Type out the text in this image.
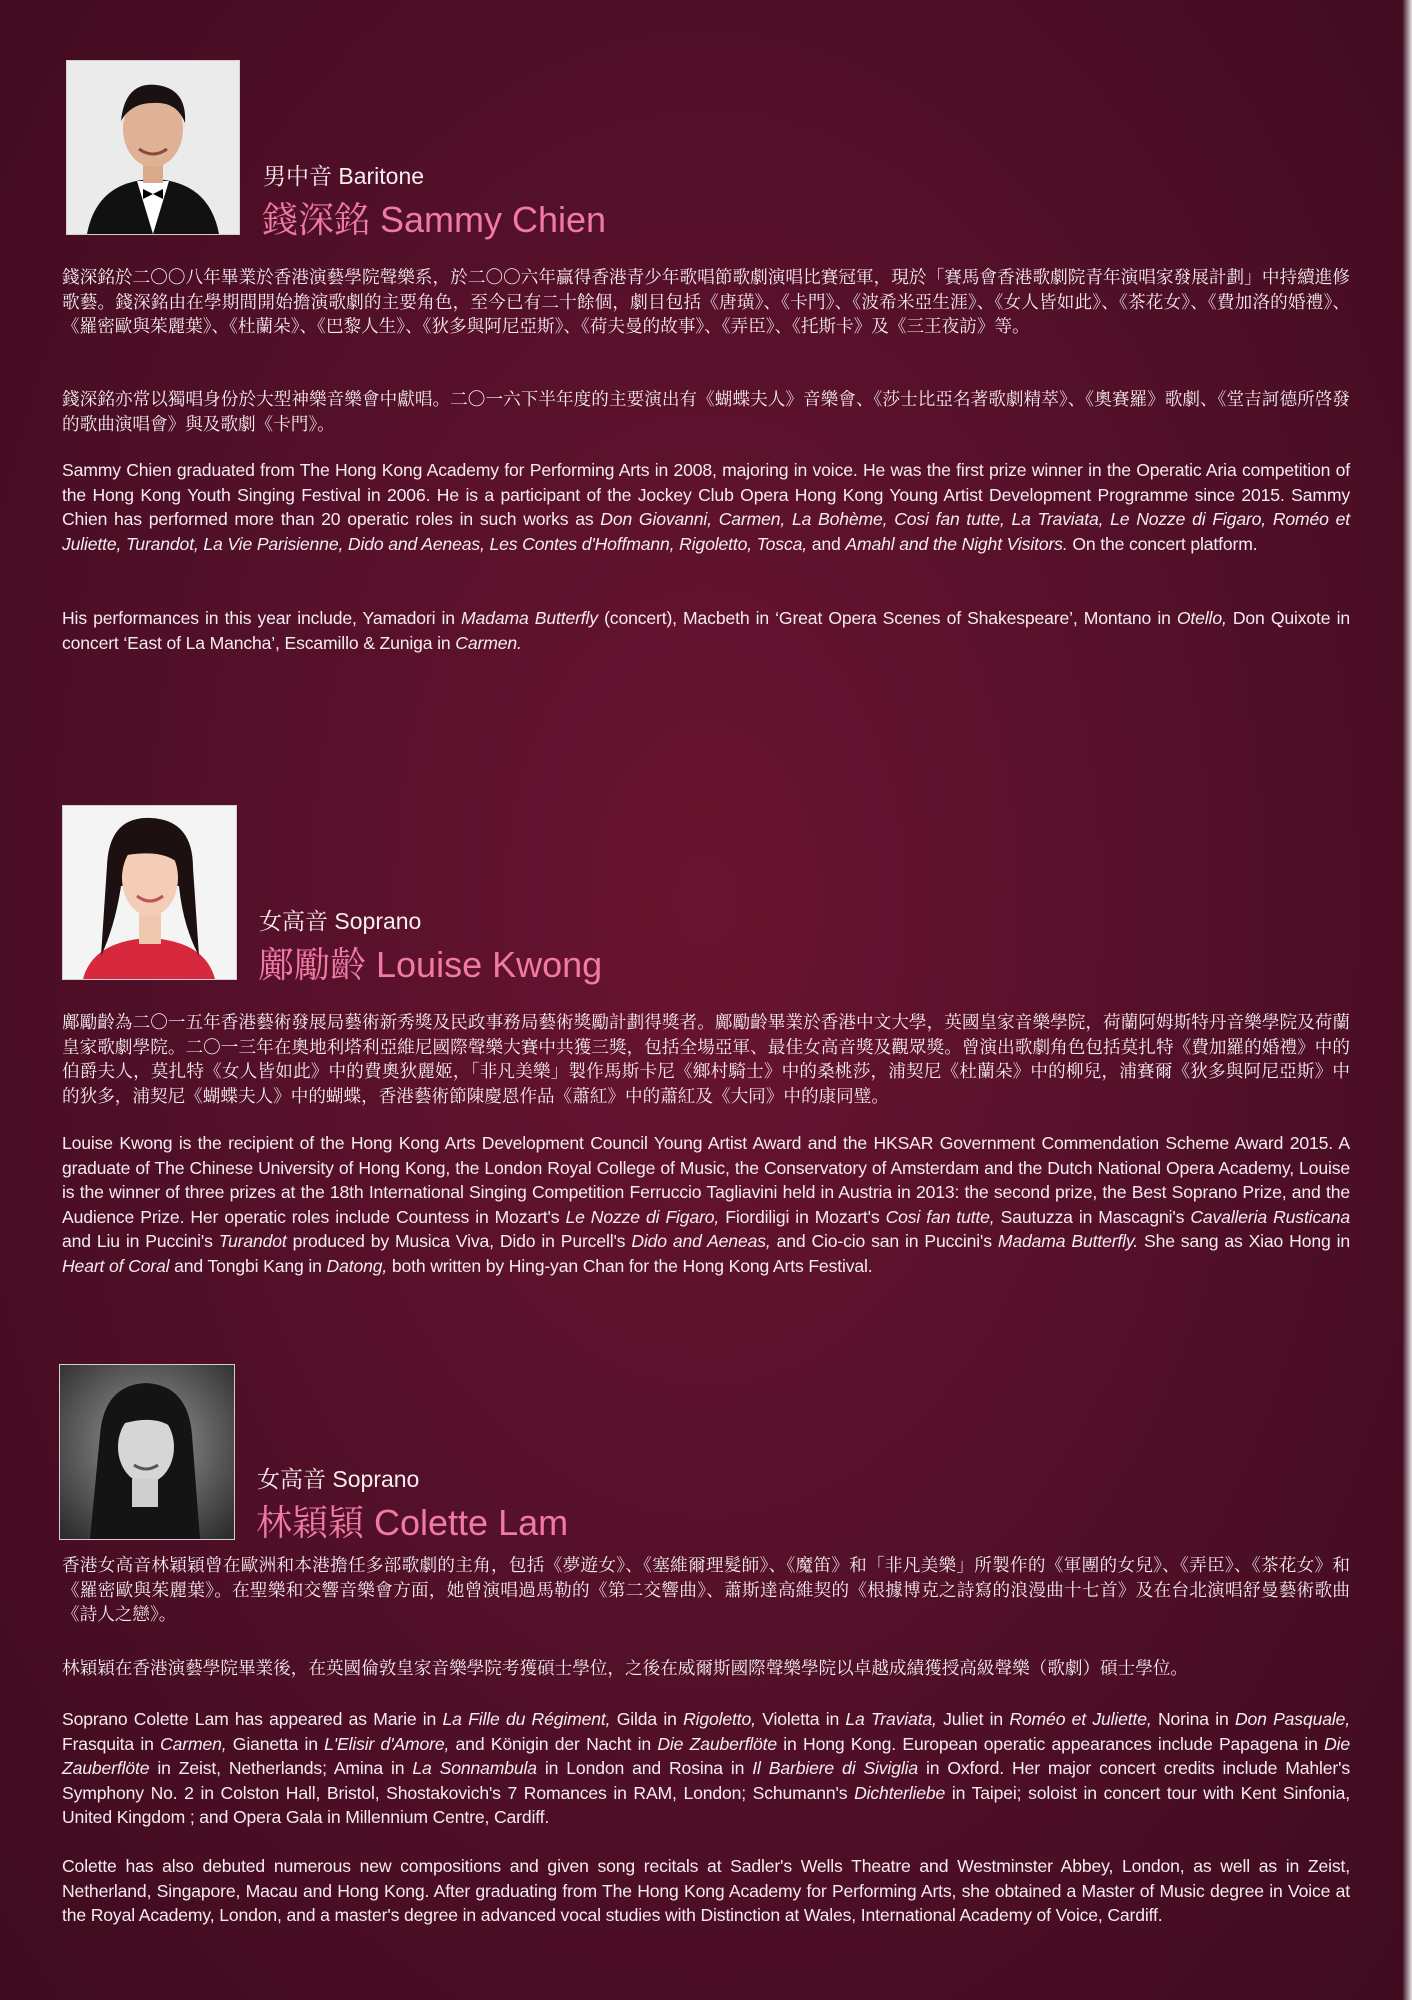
男中音 Baritone
錢深銘 Sammy Chien

錢深銘於二〇〇八年畢業於香港演藝學院聲樂系，於二〇〇六年贏得香港青少年歌唱節歌劇演唱比賽冠軍，現於「賽馬會香港歌劇院青年演唱家發展計劃」中持續進修歌藝。錢深銘由在學期間開始擔演歌劇的主要角色，至今已有二十餘個，劇目包括《唐璜》、《卡門》、《波希米亞生涯》、《女人皆如此》、《茶花女》、《費加洛的婚禮》、《羅密歐與茱麗葉》、《杜蘭朵》、《巴黎人生》、《狄多與阿尼亞斯》、《荷夫曼的故事》、《弄臣》、《托斯卡》及《三王夜訪》等。

錢深銘亦常以獨唱身份於大型神樂音樂會中獻唱。二〇一六下半年度的主要演出有《蝴蝶夫人》音樂會、《莎士比亞名著歌劇精萃》、《奧賽羅》歌劇、《堂吉訶德所啓發的歌曲演唱會》與及歌劇《卡門》。

Sammy Chien graduated from The Hong Kong Academy for Performing Arts in 2008, majoring in voice. He was the first prize winner in the Operatic Aria competition of the Hong Kong Youth Singing Festival in 2006. He is a participant of the Jockey Club Opera Hong Kong Young Artist Development Programme since 2015. Sammy Chien has performed more than 20 operatic roles in such works as Don Giovanni, Carmen, La Bohème, Cosi fan tutte, La Traviata, Le Nozze di Figaro, Roméo et Juliette, Turandot, La Vie Parisienne, Dido and Aeneas, Les Contes d'Hoffmann, Rigoletto, Tosca, and Amahl and the Night Visitors. On the concert platform.

His performances in this year include, Yamadori in Madama Butterfly (concert), Macbeth in ‘Great Opera Scenes of Shakespeare’, Montano in Otello, Don Quixote in concert ‘East of La Mancha’, Escamillo & Zuniga in Carmen.

女高音 Soprano
鄺勵齡 Louise Kwong

鄺勵齡為二〇一五年香港藝術發展局藝術新秀獎及民政事務局藝術獎勵計劃得獎者。鄺勵齡畢業於香港中文大學，英國皇家音樂學院，荷蘭阿姆斯特丹音樂學院及荷蘭皇家歌劇學院。二〇一三年在奧地利塔利亞維尼國際聲樂大賽中共獲三獎，包括全場亞軍、最佳女高音獎及觀眾獎。曾演出歌劇角色包括莫扎特《費加羅的婚禮》中的伯爵夫人，莫扎特《女人皆如此》中的費奧狄麗姬，「非凡美樂」製作馬斯卡尼《鄉村騎士》中的桑桃莎，浦契尼《杜蘭朵》中的柳兒，浦賽爾《狄多與阿尼亞斯》中的狄多，浦契尼《蝴蝶夫人》中的蝴蝶，香港藝術節陳慶恩作品《蕭紅》中的蕭紅及《大同》中的康同璧。

Louise Kwong is the recipient of the Hong Kong Arts Development Council Young Artist Award and the HKSAR Government Commendation Scheme Award 2015. A graduate of The Chinese University of Hong Kong, the London Royal College of Music, the Conservatory of Amsterdam and the Dutch National Opera Academy, Louise is the winner of three prizes at the 18th International Singing Competition Ferruccio Tagliavini held in Austria in 2013: the second prize, the Best Soprano Prize, and the Audience Prize. Her operatic roles include Countess in Mozart's Le Nozze di Figaro, Fiordiligi in Mozart's Cosi fan tutte, Sautuzza in Mascagni's Cavalleria Rusticana and Liu in Puccini's Turandot produced by Musica Viva, Dido in Purcell's Dido and Aeneas, and Cio-cio san in Puccini's Madama Butterfly. She sang as Xiao Hong in Heart of Coral and Tongbi Kang in Datong, both written by Hing-yan Chan for the Hong Kong Arts Festival.

女高音 Soprano
林穎穎 Colette Lam

香港女高音林穎穎曾在歐洲和本港擔任多部歌劇的主角，包括《夢遊女》、《塞維爾理髮師》、《魔笛》和「非凡美樂」所製作的《軍團的女兒》、《弄臣》、《茶花女》和《羅密歐與茱麗葉》。在聖樂和交響音樂會方面，她曾演唱過馬勒的《第二交響曲》、蕭斯達高維契的《根據博克之詩寫的浪漫曲十七首》及在台北演唱舒曼藝術歌曲《詩人之戀》。

林穎穎在香港演藝學院畢業後，在英國倫敦皇家音樂學院考獲碩士學位，之後在威爾斯國際聲樂學院以卓越成績獲授高級聲樂（歌劇）碩士學位。

Soprano Colette Lam has appeared as Marie in La Fille du Régiment, Gilda in Rigoletto, Violetta in La Traviata, Juliet in Roméo et Juliette, Norina in Don Pasquale, Frasquita in Carmen, Gianetta in L'Elisir d'Amore, and Königin der Nacht in Die Zauberflöte in Hong Kong. European operatic appearances include Papagena in Die Zauberflöte in Zeist, Netherlands; Amina in La Sonnambula in London and Rosina in Il Barbiere di Siviglia in Oxford. Her major concert credits include Mahler's Symphony No. 2 in Colston Hall, Bristol, Shostakovich's 7 Romances in RAM, London; Schumann's Dichterliebe in Taipei; soloist in concert tour with Kent Sinfonia, United Kingdom ; and Opera Gala in Millennium Centre, Cardiff.

Colette has also debuted numerous new compositions and given song recitals at Sadler's Wells Theatre and Westminster Abbey, London, as well as in Zeist, Netherland, Singapore, Macau and Hong Kong. After graduating from The Hong Kong Academy for Performing Arts, she obtained a Master of Music degree in Voice at the Royal Academy, London, and a master's degree in advanced vocal studies with Distinction at Wales, International Academy of Voice, Cardiff.
